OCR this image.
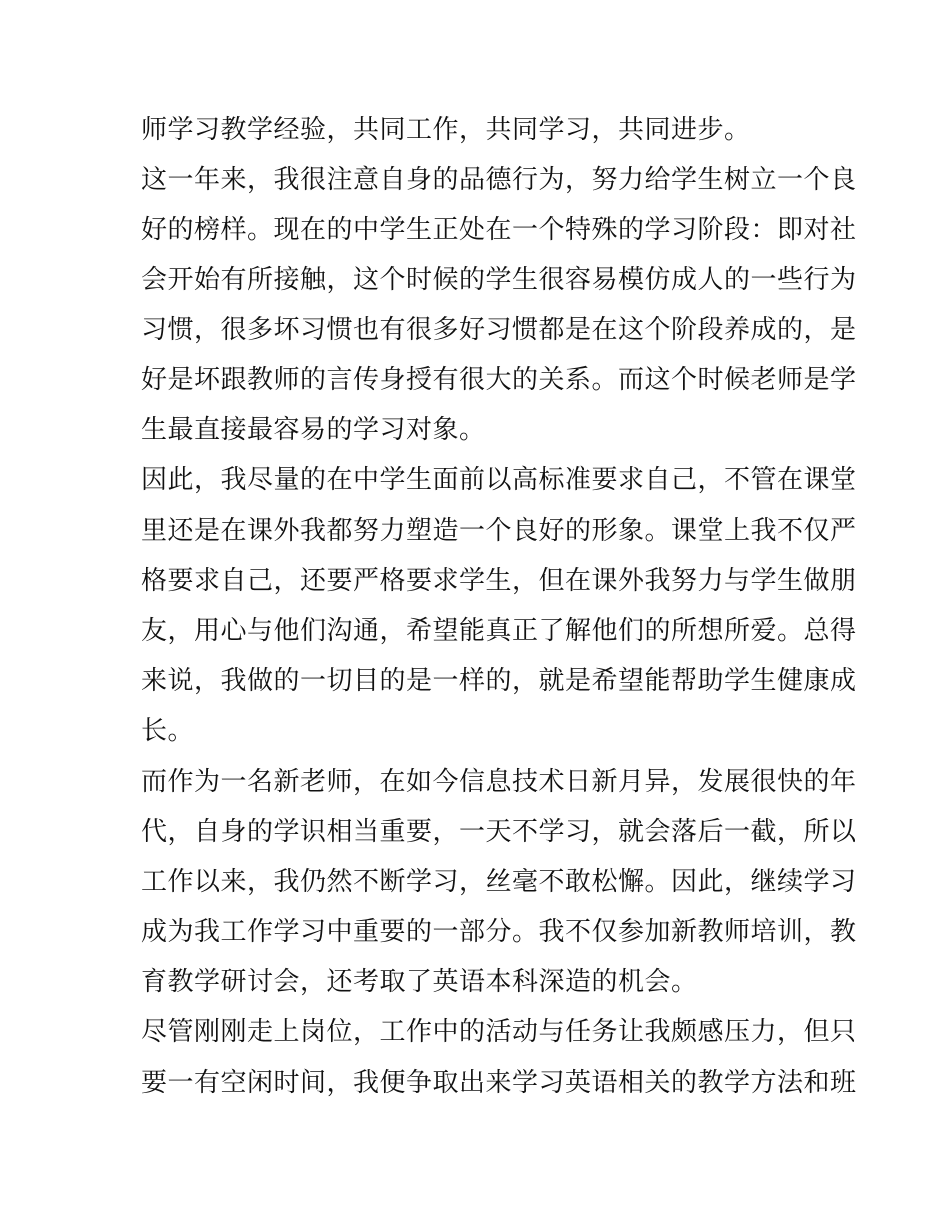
师学习教学经验，共同工作，共同学习，共同进步。

这一年来，我很注意自身的品德行为，努力给学生树立一个良

好的榜样。现在的中学生正处在一个特殊的学习阶段：即对社

会开始有所接触，这个时候的学生很容易模仿成人的一些行为

习惯，很多坏习惯也有很多好习惯都是在这个阶段养成的，是

好是坏跟教师的言传身授有很大的关系。而这个时候老师是学

生最直接最容易的学习对象。

因此，我尽量的在中学生面前以高标准要求自己，不管在课堂

里还是在课外我都努力塑造一个良好的形象。课堂上我不仅严

格要求自己，还要严格要求学生，但在课外我努力与学生做朋

友，用心与他们沟通，希望能真正了解他们的所想所爱。总得

来说，我做的一切目的是一样的，就是希望能帮助学生健康成

长。

而作为一名新老师，在如今信息技术日新月异，发展很快的年

代，自身的学识相当重要，一天不学习，就会落后一截，所以

工作以来，我仍然不断学习，丝毫不敢松懈。因此，继续学习

成为我工作学习中重要的一部分。我不仅参加新教师培训，教

育教学研讨会，还考取了英语本科深造的机会。

尽管刚刚走上岗位，工作中的活动与任务让我颇感压力，但只

要一有空闲时间，我便争取出来学习英语相关的教学方法和班
